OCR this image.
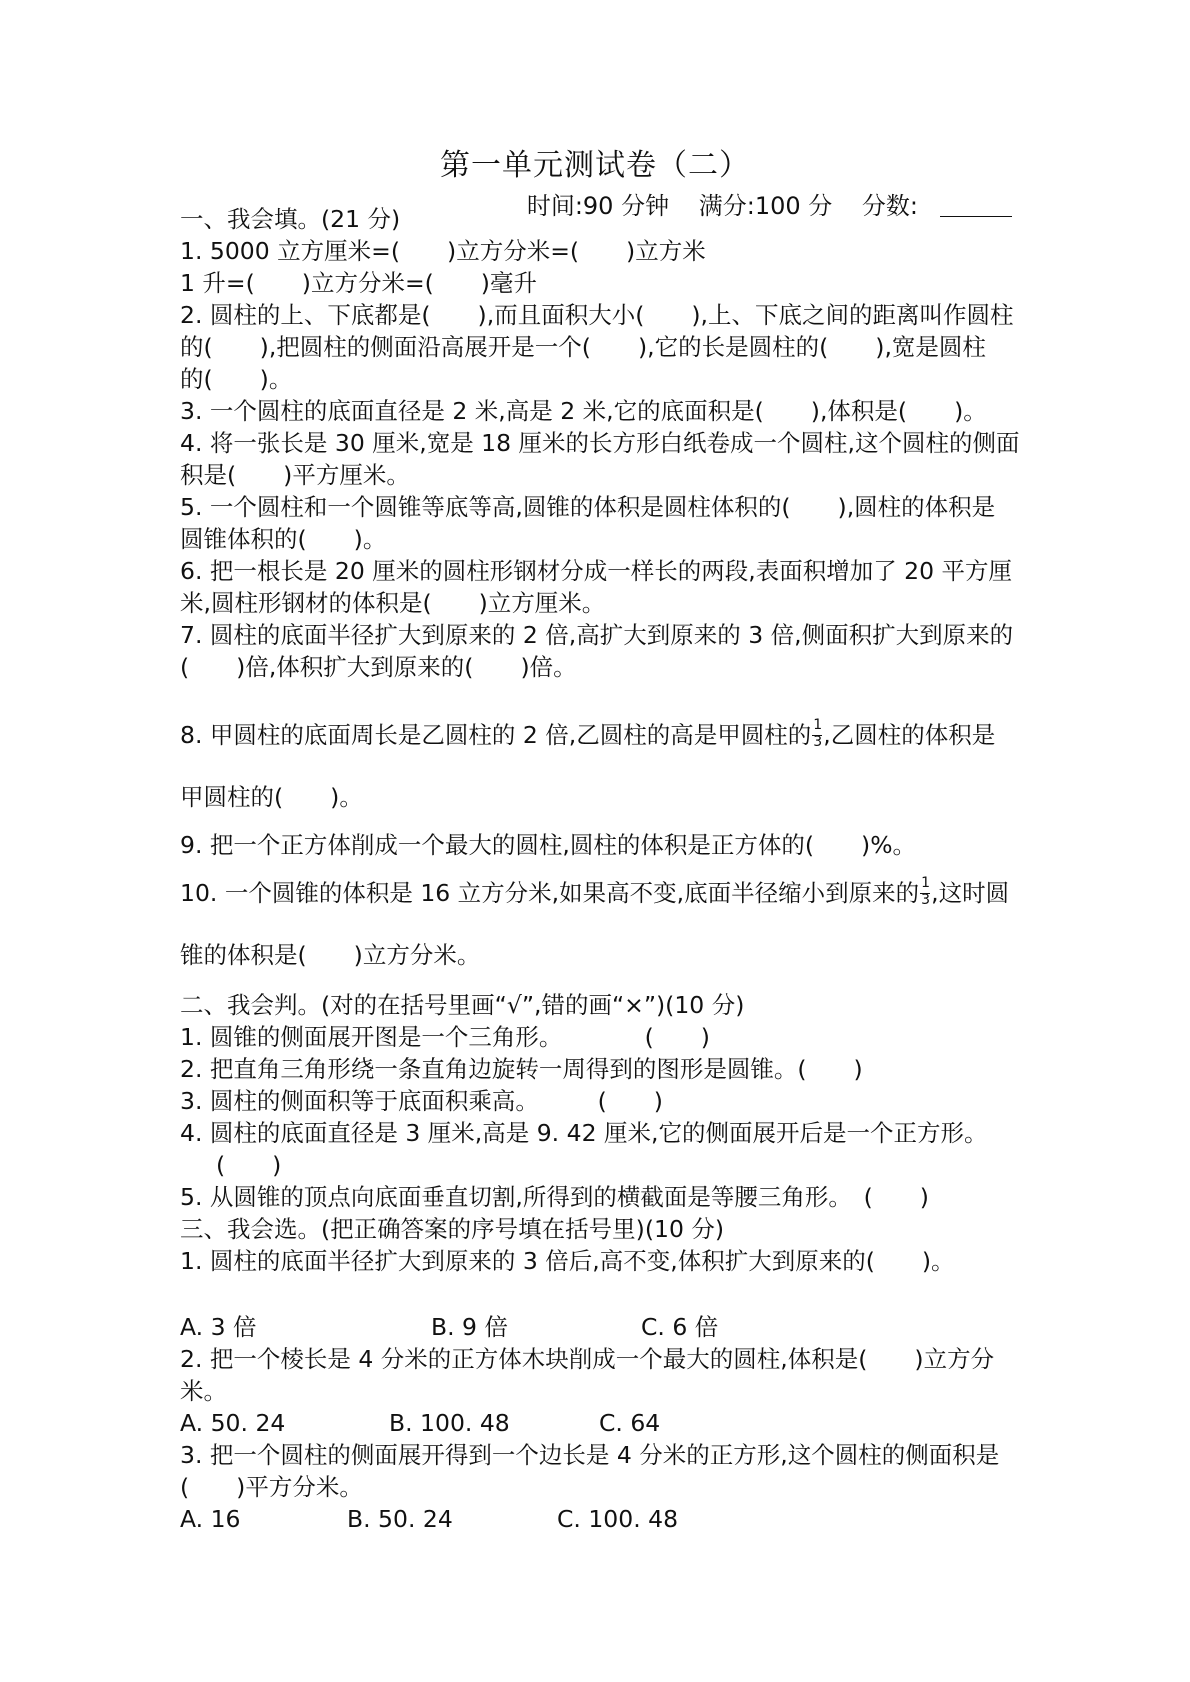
第一单元测试卷（二）
时间:90 分钟 满分:100 分 分数:
一、我会填。(21 分)
1. 5000 立方厘米=(　　)立方分米=(　　)立方米
1 升=(　　)立方分米=(　　)毫升
2. 圆柱的上、下底都是(　　),而且面积大小(　　),上、下底之间的距离叫作圆柱
的(　　),把圆柱的侧面沿高展开是一个(　　),它的长是圆柱的(　　),宽是圆柱
的(　　)。
3. 一个圆柱的底面直径是 2 米,高是 2 米,它的底面积是(　　),体积是(　　)。
4. 将一张长是 30 厘米,宽是 18 厘米的长方形白纸卷成一个圆柱,这个圆柱的侧面
积是(　　)平方厘米。
5. 一个圆柱和一个圆锥等底等高,圆锥的体积是圆柱体积的(　　),圆柱的体积是
圆锥体积的(　　)。
6. 把一根长是 20 厘米的圆柱形钢材分成一样长的两段,表面积增加了 20 平方厘
米,圆柱形钢材的体积是(　　)立方厘米。
7. 圆柱的底面半径扩大到原来的 2 倍,高扩大到原来的 3 倍,侧面积扩大到原来的
(　　)倍,体积扩大到原来的(　　)倍。
8. 甲圆柱的底面周长是乙圆柱的 2 倍,乙圆柱的高是甲圆柱的 $\frac{1}{3}$ ,乙圆柱的体积是
甲圆柱的(　　)。
9. 把一个正方体削成一个最大的圆柱,圆柱的体积是正方体的(　　)%。
10. 一个圆锥的体积是 16 立方分米,如果高不变,底面半径缩小到原来的 $\frac{1}{3}$ ,这时圆
锥的体积是(　　)立方分米。
二、我会判。(对的在括号里画“√”,错的画“×”)(10 分)
1. 圆锥的侧面展开图是一个三角形。　　　　(　　)
2. 把直角三角形绕一条直角边旋转一周得到的图形是圆锥。(　　)
3. 圆柱的侧面积等于底面积乘高。　　　(　　)
4. 圆柱的底面直径是 3 厘米,高是 9. 42 厘米,它的侧面展开后是一个正方形。
(　　)
5. 从圆锥的顶点向底面垂直切割,所得到的横截面是等腰三角形。　(　　)
三、我会选。(把正确答案的序号填在括号里)(10 分)
1. 圆柱的底面半径扩大到原来的 3 倍后,高不变,体积扩大到原来的(　　)。
A. 3 倍	B. 9 倍	C. 6 倍
2. 把一个棱长是 4 分米的正方体木块削成一个最大的圆柱,体积是(　　)立方分
米。
A. 50. 24	B. 100. 48	C. 64
3. 把一个圆柱的侧面展开得到一个边长是 4 分米的正方形,这个圆柱的侧面积是
(　　)平方分米。
A. 16	B. 50. 24	C. 100. 48
